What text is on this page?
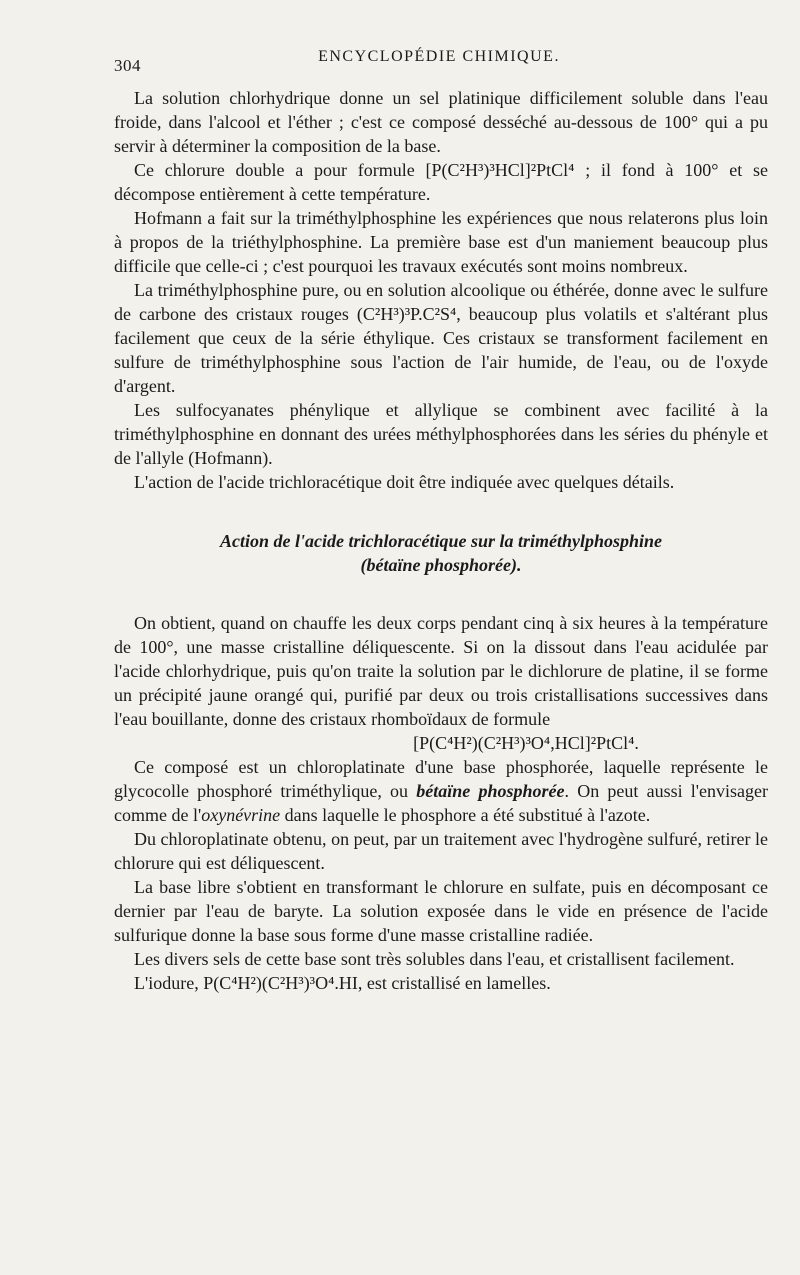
304	ENCYCLOPÉDIE CHIMIQUE.

La solution chlorhydrique donne un sel platinique difficilement soluble dans l'eau froide, dans l'alcool et l'éther ; c'est ce composé desséché au-dessous de 100° qui a pu servir à déterminer la composition de la base.

Ce chlorure double a pour formule [P(C²H³)³HCl]²PtCl⁴ ; il fond à 100° et se décompose entièrement à cette température.

Hofmann a fait sur la triméthylphosphine les expériences que nous relaterons plus loin à propos de la triéthylphosphine. La première base est d'un maniement beaucoup plus difficile que celle-ci ; c'est pourquoi les travaux exécutés sont moins nombreux.

La triméthylphosphine pure, ou en solution alcoolique ou éthérée, donne avec le sulfure de carbone des cristaux rouges (C²H³)³P.C²S⁴, beaucoup plus volatils et s'altérant plus facilement que ceux de la série éthylique. Ces cristaux se transforment facilement en sulfure de triméthylphosphine sous l'action de l'air humide, de l'eau, ou de l'oxyde d'argent.

Les sulfocyanates phénylique et allylique se combinent avec facilité à la triméthylphosphine en donnant des urées méthylphosphorées dans les séries du phényle et de l'allyle (Hofmann).

L'action de l'acide trichloracétique doit être indiquée avec quelques détails.

Action de l'acide trichloracétique sur la triméthylphosphine
(bétaïne phosphorée).

On obtient, quand on chauffe les deux corps pendant cinq à six heures à la température de 100°, une masse cristalline déliquescente. Si on la dissout dans l'eau acidulée par l'acide chlorhydrique, puis qu'on traite la solution par le dichlorure de platine, il se forme un précipité jaune orangé qui, purifié par deux ou trois cristallisations successives dans l'eau bouillante, donne des cristaux rhomboïdaux de formule

[P(C⁴H²)(C²H³)³O⁴,HCl]²PtCl⁴.

Ce composé est un chloroplatinate d'une base phosphorée, laquelle représente le glycocolle phosphoré triméthylique, ou bétaïne phosphorée. On peut aussi l'envisager comme de l'oxynévrine dans laquelle le phosphore a été substitué à l'azote.

Du chloroplatinate obtenu, on peut, par un traitement avec l'hydrogène sulfuré, retirer le chlorure qui est déliquescent.

La base libre s'obtient en transformant le chlorure en sulfate, puis en décomposant ce dernier par l'eau de baryte. La solution exposée dans le vide en présence de l'acide sulfurique donne la base sous forme d'une masse cristalline radiée.

Les divers sels de cette base sont très solubles dans l'eau, et cristallisent facilement.

L'iodure, P(C⁴H²)(C²H³)³O⁴.HI, est cristallisé en lamelles.
